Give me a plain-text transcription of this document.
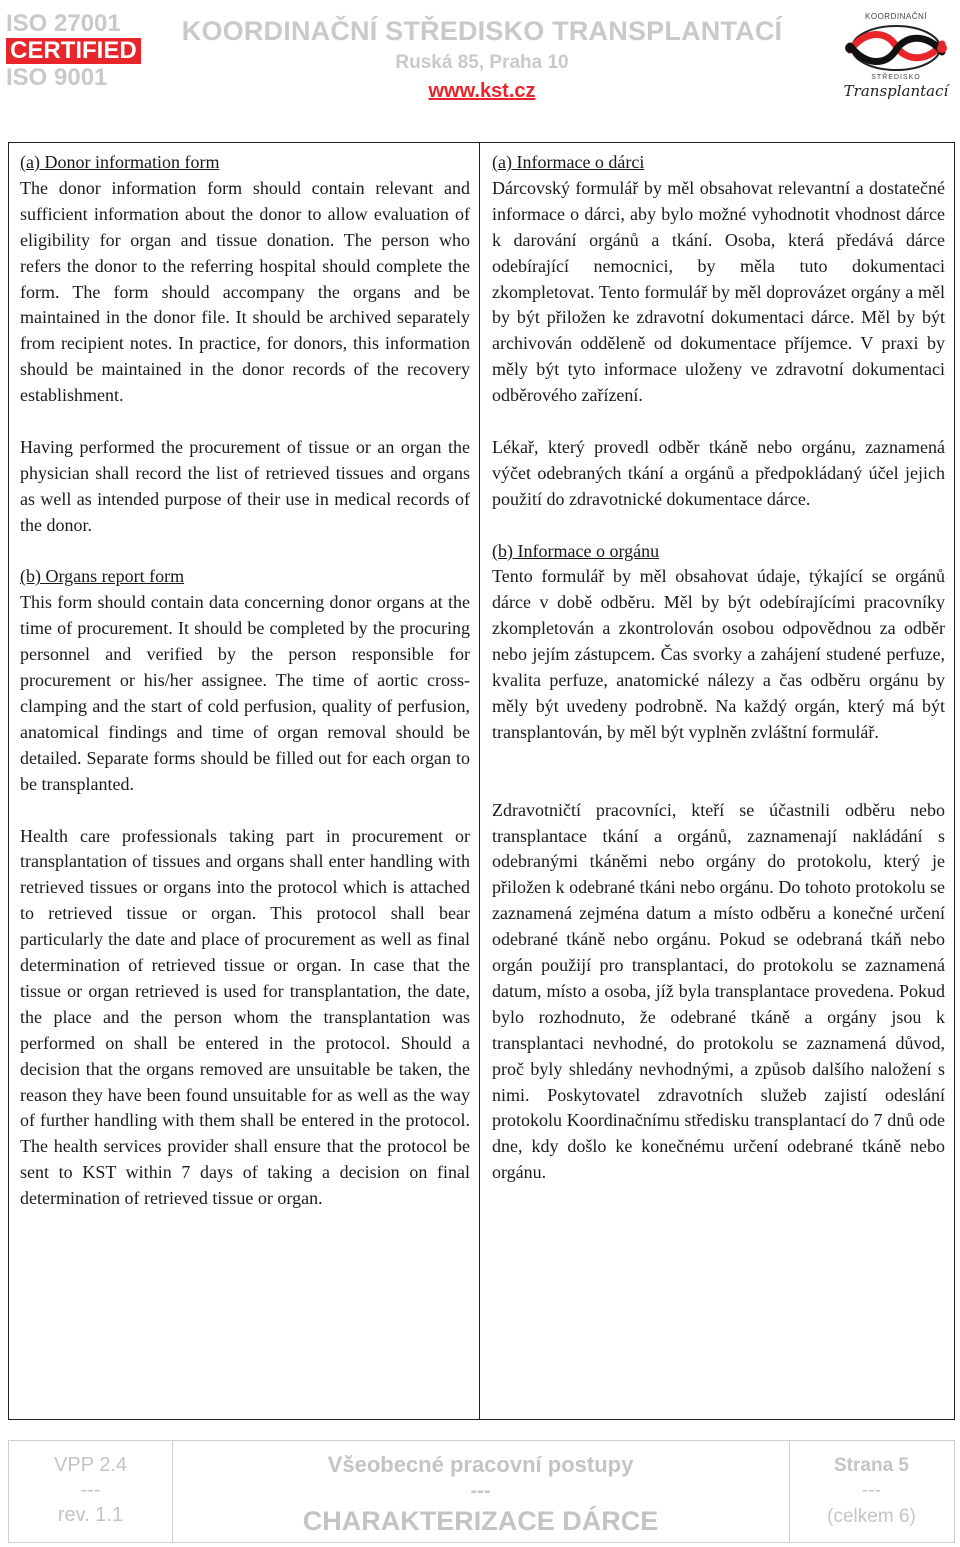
ISO 27001
CERTIFIED
ISO 9001
KOORDINAČNÍ STŘEDISKO TRANSPLANTACÍ
Ruská 85, Praha 10
www.kst.cz
KOORDINAČNÍ
STŘEDISKO
Transplantací

(a) Donor information form
The donor information form should contain relevant and sufficient information about the donor to allow evaluation of eligibility for organ and tissue donation. The person who refers the donor to the referring hospital should complete the form. The form should accompany the organs and be maintained in the donor file. It should be archived separately from recipient notes. In practice, for donors, this information should be maintained in the donor records of the recovery establishment.

Having performed the procurement of tissue or an organ the physician shall record the list of retrieved tissues and organs as well as intended purpose of their use in medical records of the donor.

(b) Organs report form
This form should contain data concerning donor organs at the time of procurement. It should be completed by the procuring personnel and verified by the person responsible for procurement or his/her assignee. The time of aortic cross-clamping and the start of cold perfusion, quality of perfusion, anatomical findings and time of organ removal should be detailed. Separate forms should be filled out for each organ to be transplanted.

Health care professionals taking part in procurement or transplantation of tissues and organs shall enter handling with retrieved tissues or organs into the protocol which is attached to retrieved tissue or organ. This protocol shall bear particularly the date and place of procurement as well as final determination of retrieved tissue or organ. In case that the tissue or organ retrieved is used for transplantation, the date, the place and the person whom the transplantation was performed on shall be entered in the protocol. Should a decision that the organs removed are unsuitable be taken, the reason they have been found unsuitable for as well as the way of further handling with them shall be entered in the protocol. The health services provider shall ensure that the protocol be sent to KST within 7 days of taking a decision on final determination of retrieved tissue or organ.

(a) Informace o dárci
Dárcovský formulář by měl obsahovat relevantní a dostatečné informace o dárci, aby bylo možné vyhodnotit vhodnost dárce k darování orgánů a tkání. Osoba, která předává dárce odebírající nemocnici, by měla tuto dokumentaci zkompletovat. Tento formulář by měl doprovázet orgány a měl by být přiložen ke zdravotní dokumentaci dárce. Měl by být archivován odděleně od dokumentace příjemce. V praxi by měly být tyto informace uloženy ve zdravotní dokumentaci odběrového zařízení.

Lékař, který provedl odběr tkáně nebo orgánu, zaznamená výčet odebraných tkání a orgánů a předpokládaný účel jejich použití do zdravotnické dokumentace dárce.

(b) Informace o orgánu
Tento formulář by měl obsahovat údaje, týkající se orgánů dárce v době odběru. Měl by být odebírajícími pracovníky zkompletován a zkontrolován osobou odpovědnou za odběr nebo jejím zástupcem. Čas svorky a zahájení studené perfuze, kvalita perfuze, anatomické nálezy a čas odběru orgánu by měly být uvedeny podrobně. Na každý orgán, který má být transplantován, by měl být vyplněn zvláštní formulář.

Zdravotničtí pracovníci, kteří se účastnili odběru nebo transplantace tkání a orgánů, zaznamenají nakládání s odebranými tkáněmi nebo orgány do protokolu, který je přiložen k odebrané tkáni nebo orgánu. Do tohoto protokolu se zaznamená zejména datum a místo odběru a konečné určení odebrané tkáně nebo orgánu. Pokud se odebraná tkáň nebo orgán použijí pro transplantaci, do protokolu se zaznamená datum, místo a osoba, jíž byla transplantace provedena. Pokud bylo rozhodnuto, že odebrané tkáně a orgány jsou k transplantaci nevhodné, do protokolu se zaznamená důvod, proč byly shledány nevhodnými, a způsob dalšího naložení s nimi. Poskytovatel zdravotních služeb zajistí odeslání protokolu Koordinačnímu středisku transplantací do 7 dnů ode dne, kdy došlo ke konečnému určení odebrané tkáně nebo orgánu.

VPP 2.4
---
rev. 1.1
Všeobecné pracovní postupy
---
CHARAKTERIZACE DÁRCE
Strana 5
---
(celkem 6)
